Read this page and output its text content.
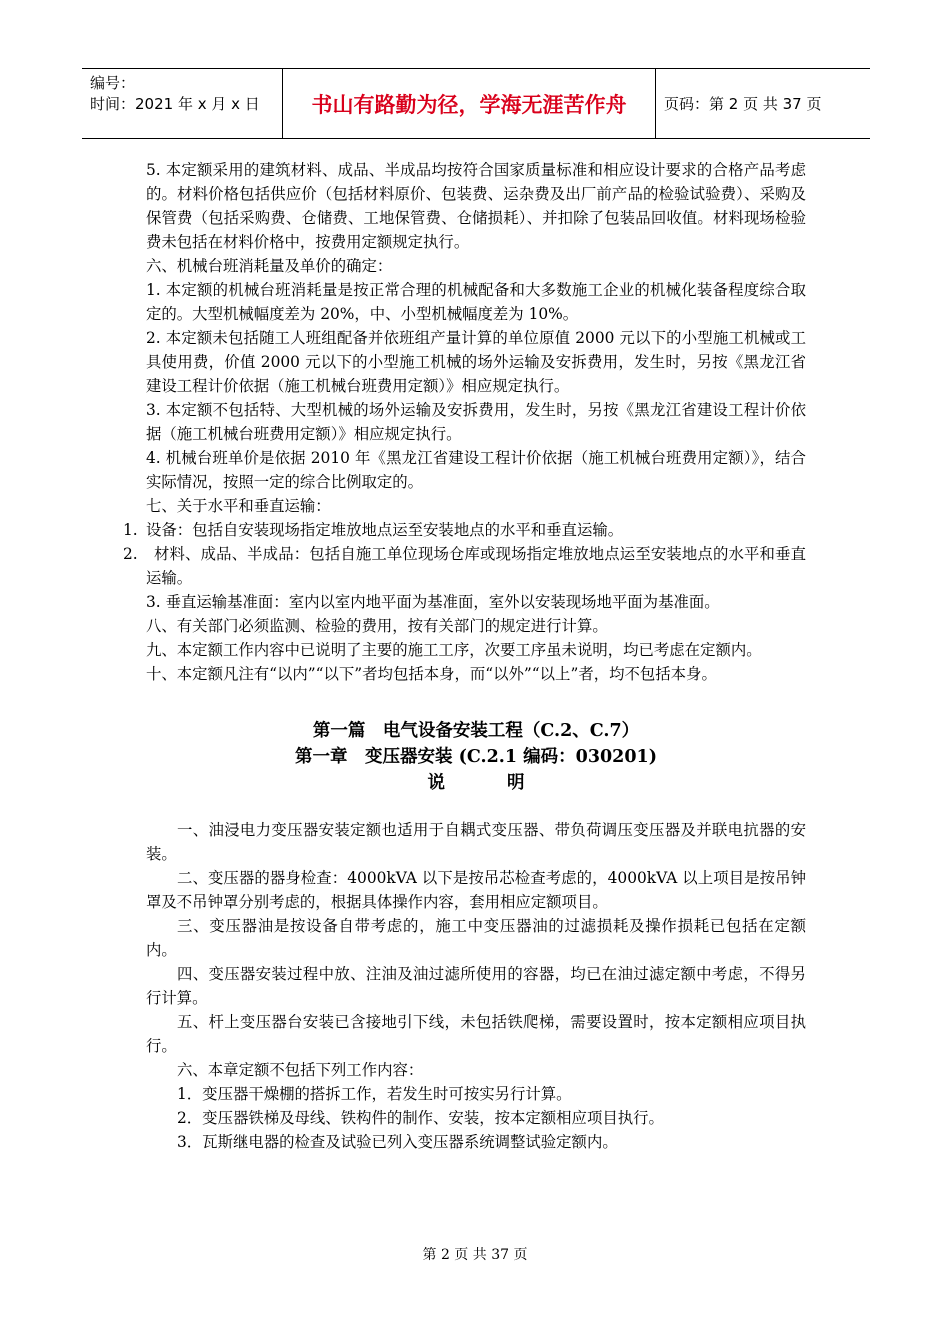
编号：
时间：2021 年 x 月 x 日	书山有路勤为径，学海无涯苦作舟	页码：第 2 页 共 37 页

5. 本定额采用的建筑材料、成品、半成品均按符合国家质量标准和相应设计要求的合格产品考虑的。材料价格包括供应价（包括材料原价、包装费、运杂费及出厂前产品的检验试验费）、采购及保管费（包括采购费、仓储费、工地保管费、仓储损耗）、并扣除了包装品回收值。材料现场检验费未包括在材料价格中，按费用定额规定执行。

六、机械台班消耗量及单价的确定：

1. 本定额的机械台班消耗量是按正常合理的机械配备和大多数施工企业的机械化装备程度综合取定的。大型机械幅度差为 20%，中、小型机械幅度差为 10%。

2. 本定额未包括随工人班组配备并依班组产量计算的单位原值 2000 元以下的小型施工机械或工具使用费，价值 2000 元以下的小型施工机械的场外运输及安拆费用，发生时，另按《黑龙江省建设工程计价依据（施工机械台班费用定额）》相应规定执行。

3. 本定额不包括特、大型机械的场外运输及安拆费用，发生时，另按《黑龙江省建设工程计价依据（施工机械台班费用定额）》相应规定执行。

4. 机械台班单价是依据 2010 年《黑龙江省建设工程计价依据（施工机械台班费用定额）》，结合实际情况，按照一定的综合比例取定的。

七、关于水平和垂直运输：

1. 设备：包括自安装现场指定堆放地点运至安装地点的水平和垂直运输。
2. 材料、成品、半成品：包括自施工单位现场仓库或现场指定堆放地点运至安装地点的水平和垂直运输。

3. 垂直运输基准面：室内以室内地平面为基准面，室外以安装现场地平面为基准面。

八、有关部门必须监测、检验的费用，按有关部门的规定进行计算。

九、本定额工作内容中已说明了主要的施工工序，次要工序虽未说明，均已考虑在定额内。

十、本定额凡注有“以内”“以下”者均包括本身，而“以外”“以上”者，均不包括本身。

第一篇　电气设备安装工程（C.2、C.7）

第一章　变压器安装 (C.2.1 编码：030201)

说	明

一、油浸电力变压器安装定额也适用于自耦式变压器、带负荷调压变压器及并联电抗器的安装。

二、变压器的器身检查：4000kVA 以下是按吊芯检查考虑的，4000kVA 以上项目是按吊钟罩及不吊钟罩分别考虑的，根据具体操作内容，套用相应定额项目。

三、变压器油是按设备自带考虑的，施工中变压器油的过滤损耗及操作损耗已包括在定额内。

四、变压器安装过程中放、注油及油过滤所使用的容器，均已在油过滤定额中考虑，不得另行计算。

五、杆上变压器台安装已含接地引下线，未包括铁爬梯，需要设置时，按本定额相应项目执行。

六、本章定额不包括下列工作内容：

1．变压器干燥棚的搭拆工作，若发生时可按实另行计算。

2．变压器铁梯及母线、铁构件的制作、安装，按本定额相应项目执行。

3．瓦斯继电器的检查及试验已列入变压器系统调整试验定额内。

第 2 页 共 37 页
